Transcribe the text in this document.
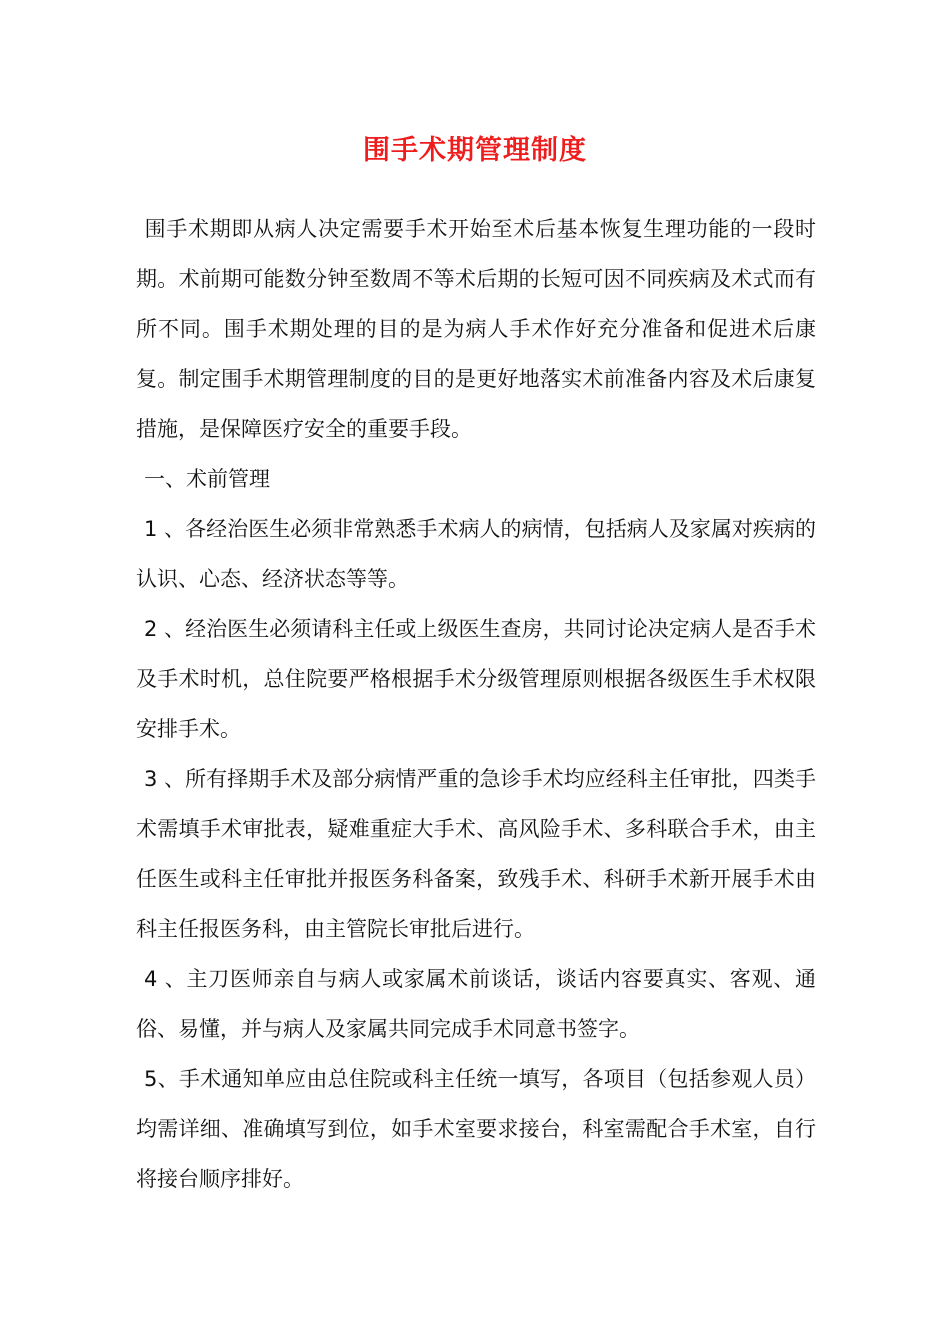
围手术期管理制度

围手术期即从病人决定需要手术开始至术后基本恢复生理功能的一段时期。术前期可能数分钟至数周不等术后期的长短可因不同疾病及术式而有所不同。围手术期处理的目的是为病人手术作好充分准备和促进术后康复。制定围手术期管理制度的目的是更好地落实术前准备内容及术后康复措施，是保障医疗安全的重要手段。

一、术前管理

1 、各经治医生必须非常熟悉手术病人的病情，包括病人及家属对疾病的认识、心态、经济状态等等。

2 、经治医生必须请科主任或上级医生查房，共同讨论决定病人是否手术及手术时机，总住院要严格根据手术分级管理原则根据各级医生手术权限安排手术。

3 、所有择期手术及部分病情严重的急诊手术均应经科主任审批，四类手术需填手术审批表，疑难重症大手术、高风险手术、多科联合手术，由主任医生或科主任审批并报医务科备案，致残手术、科研手术新开展手术由科主任报医务科，由主管院长审批后进行。

4 、主刀医师亲自与病人或家属术前谈话，谈话内容要真实、客观、通俗、易懂，并与病人及家属共同完成手术同意书签字。

5、手术通知单应由总住院或科主任统一填写，各项目（包括参观人员）均需详细、准确填写到位，如手术室要求接台，科室需配合手术室，自行将接台顺序排好。
